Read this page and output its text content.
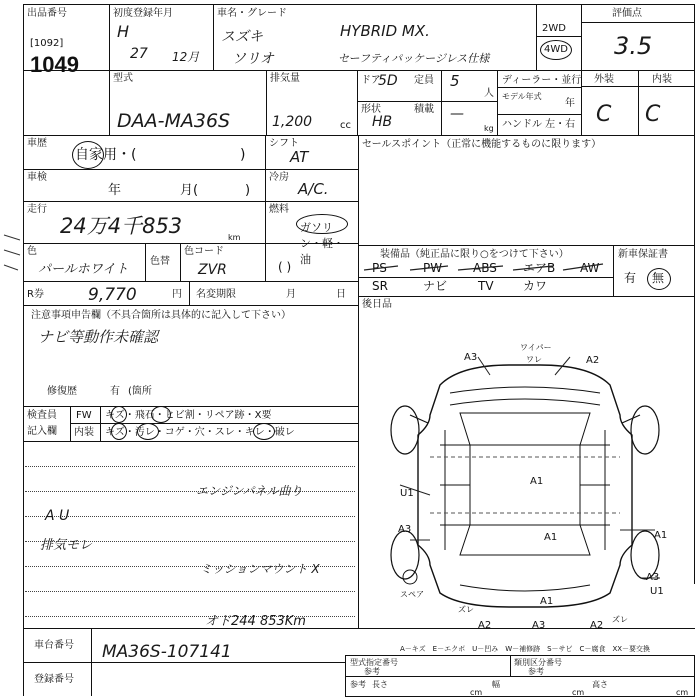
出品番号
[1092]
1049
初度登録年月
H
27 12月
車名・グレード
スズキ
ソリオ
HYBRID MX.
セーフティパッケージレス仕様
2WD
4WD
評価点
3.5
型式
DAA-MA36S
排気量
1,200	cc
ドア
5D 定員 5
人
形状
HB
積載 —
kg
ディーラー・並行
モデル年式
年
ハンドル 左・右
外装	内装
C C
車歴
自家用・(	)
シフト
AT
車検
年	月(	)
冷房
A/C.
走行
24万4千853	km
燃料
ガソリン・軽・油
( )
色
パールホワイト
色替
色コード
ZVR
R券	9,770	円 名変期限	月	日
セールスポイント（正常に機能するものに限ります）
装備品（純正品に限り○をつけて下さい）	新車保証書
PS	PW	ABS エアB AW
SR	ナビ	TV カワ
有 無
後日品
注意事項申告欄（不具合箇所は具体的に記入して下さい）
ナビ等動作未確認
修復歴	有 (箇所
検査員
記入欄
FW キズ・飛石・ヒビ割・リペア跡・X要
内装 キズ・汚レ・コゲ・穴・スレ・キレ・破レ
エンジンパネル曲り
A U
排気モレ
ミッションマウント X
オド244 853Km
A3
ワイパー
ワレ	A2
A1
U1
A3
A1	A1
A1
A3
U1
A2	A3	A2
ズレ
ズレ
スペア
A－キズ　E－エクボ　U－凹み　W－補修跡　S－サビ　C－腐食　XX－要交換
車台番号 MA36S-107141
登録番号
型式指定番号
参考
類別区分番号
参考
参考 長さ
cm
幅
cm
高さ
cm
